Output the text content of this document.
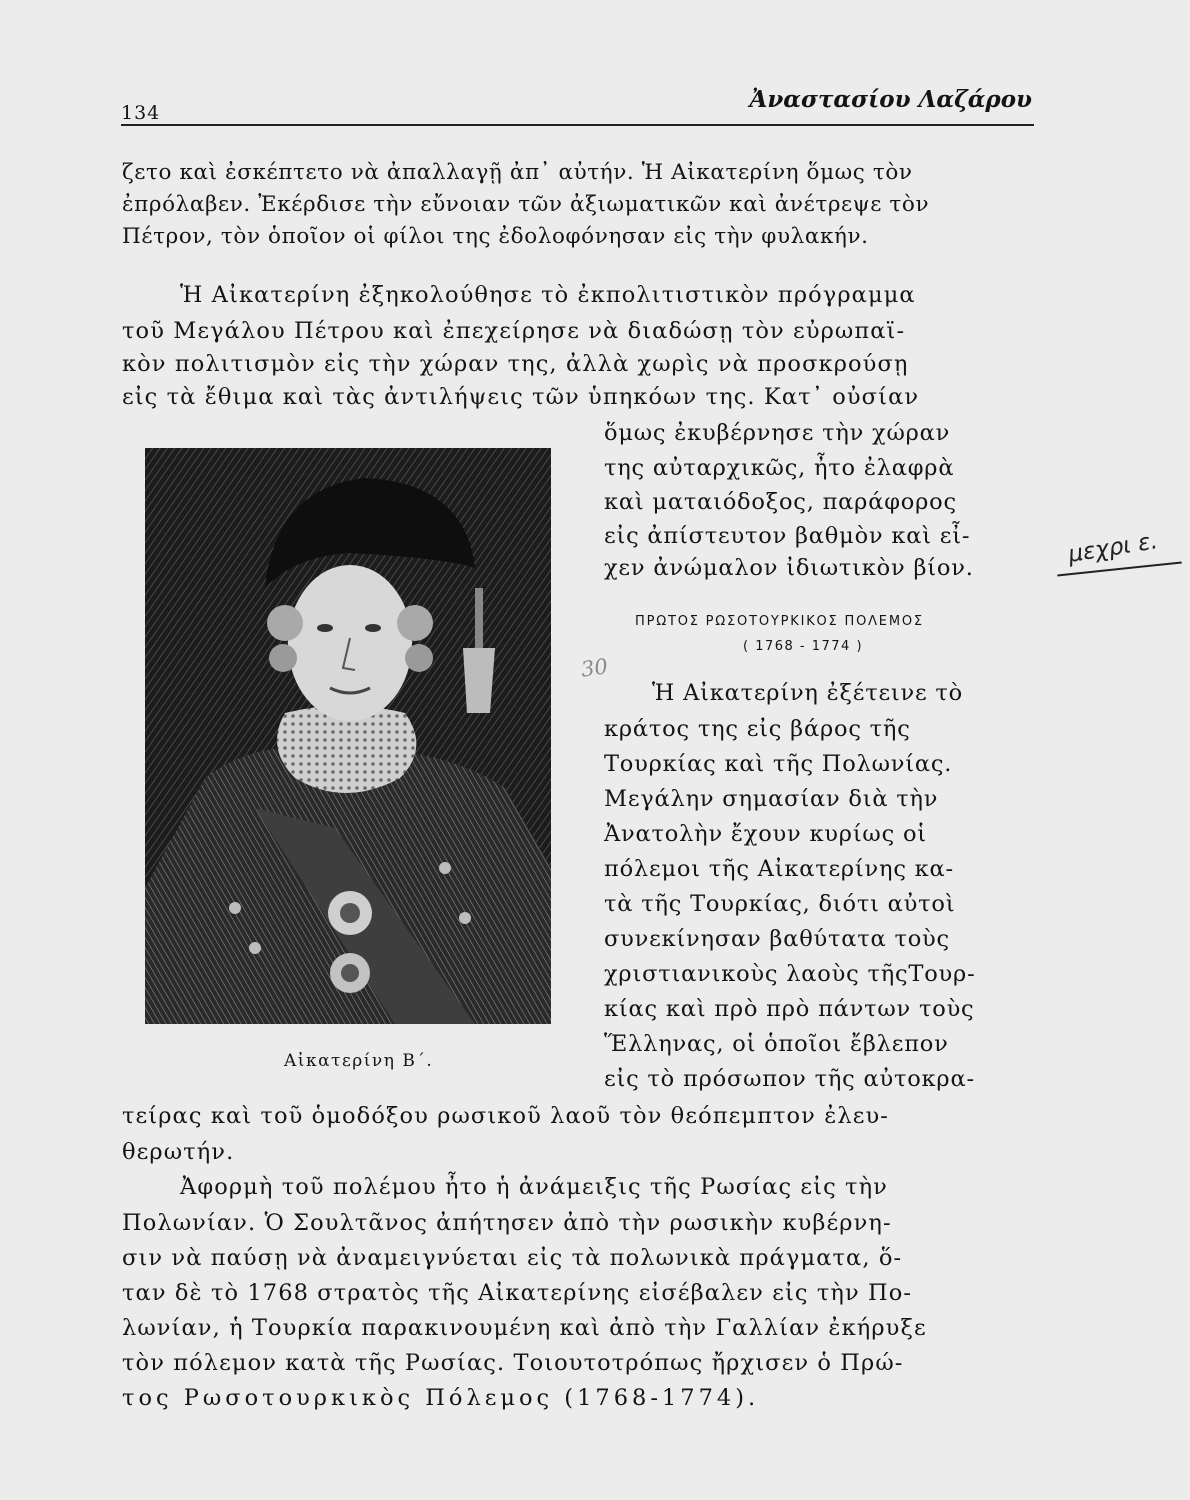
134	Ἀναστασίου Λαζάρου
ζετο καὶ ἐσκέπτετο νὰ ἀπαλλαγῇ ἀπ᾽ αὐτήν. Ἡ Αἰκατερίνη ὅμως τὸν
ἐπρόλαβεν. Ἐκέρδισε τὴν εὔνοιαν τῶν ἀξιωματικῶν καὶ ἀνέτρεψε τὸν
Πέτρον, τὸν ὁποῖον οἱ φίλοι της ἐδολοφόνησαν εἰς τὴν φυλακήν.
Ἡ Αἰκατερίνη ἐξηκολούθησε τὸ ἐκπολιτιστικὸν πρόγραμμα
τοῦ Μεγάλου Πέτρου καὶ ἐπεχείρησε νὰ διαδώσῃ τὸν εὐρωπαϊ-
κὸν πολιτισμὸν εἰς τὴν χώραν της, ἀλλὰ χωρὶς νὰ προσκρούσῃ
εἰς τὰ ἔθιμα καὶ τὰς ἀντιλήψεις τῶν ὑπηκόων της. Κατ᾽ οὐσίαν
ὅμως ἐκυβέρνησε τὴν χώραν
της αὐταρχικῶς, ἦτο ἐλαφρὰ
καὶ ματαιόδοξος, παράφορος
εἰς ἀπίστευτον βαθμὸν καὶ εἶ-
χεν ἀνώμαλον ἰδιωτικὸν βίον.
μεχρι ε.
Αἰκατερίνη Β΄.
ΠΡΩΤΟΣ ΡΩΣΟΤΟΥΡΚΙΚΟΣ ΠΟΛΕΜΟΣ
( 1768 - 1774 )
30
Ἡ Αἰκατερίνη ἐξέτεινε τὸ
κράτος της εἰς βάρος τῆς
Τουρκίας καὶ τῆς Πολωνίας.
Μεγάλην σημασίαν διὰ τὴν
Ἀνατολὴν ἔχουν κυρίως οἱ
πόλεμοι τῆς Αἰκατερίνης κα-
τὰ τῆς Τουρκίας, διότι αὐτοὶ
συνεκίνησαν βαθύτατα τοὺς
χριστιανικοὺς λαοὺς τῆςΤουρ-
κίας καὶ πρὸ πρὸ πάντων τοὺς
Ἕλληνας, οἱ ὁποῖοι ἔβλεπον
εἰς τὸ πρόσωπον τῆς αὐτοκρα-
τείρας καὶ τοῦ ὁμοδόξου ρωσικοῦ λαοῦ τὸν θεόπεμπτον ἐλευ-
θερωτήν.
Ἀφορμὴ τοῦ πολέμου ἦτο ἡ ἀνάμειξις τῆς Ρωσίας εἰς τὴν
Πολωνίαν. Ὁ Σουλτᾶνος ἀπήτησεν ἀπὸ τὴν ρωσικὴν κυβέρνη-
σιν νὰ παύσῃ νὰ ἀναμειγνύεται εἰς τὰ πολωνικὰ πράγματα, ὅ-
ταν δὲ τὸ 1768 στρατὸς τῆς Αἰκατερίνης εἰσέβαλεν εἰς τὴν Πο-
λωνίαν, ἡ Τουρκία παρακινουμένη καὶ ἀπὸ τὴν Γαλλίαν ἐκήρυξε
τὸν πόλεμον κατὰ τῆς Ρωσίας. Τοιουτοτρόπως ἤρχισεν ὁ Πρώ-
τος Ρωσοτουρκικὸς Πόλεμος (1768-1774).
